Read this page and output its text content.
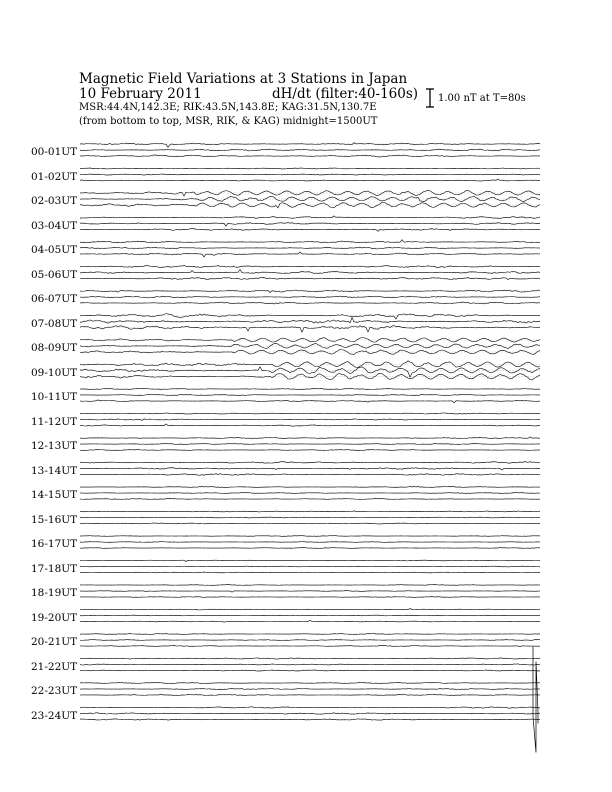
Magnetic Field Variations at 3 Stations in Japan
10 February 2011	dH/dt (filter:40-160s)
MSR:44.4N,142.3E; RIK:43.5N,143.8E; KAG:31.5N,130.7E
(from bottom to top, MSR, RIK, & KAG) midnight=1500UT
1.00 nT at T=80s
00-01UT
01-02UT
02-03UT
03-04UT
04-05UT
05-06UT
06-07UT
07-08UT
08-09UT
09-10UT
10-11UT
11-12UT
12-13UT
13-14UT
14-15UT
15-16UT
16-17UT
17-18UT
18-19UT
19-20UT
20-21UT
21-22UT
22-23UT
23-24UT
